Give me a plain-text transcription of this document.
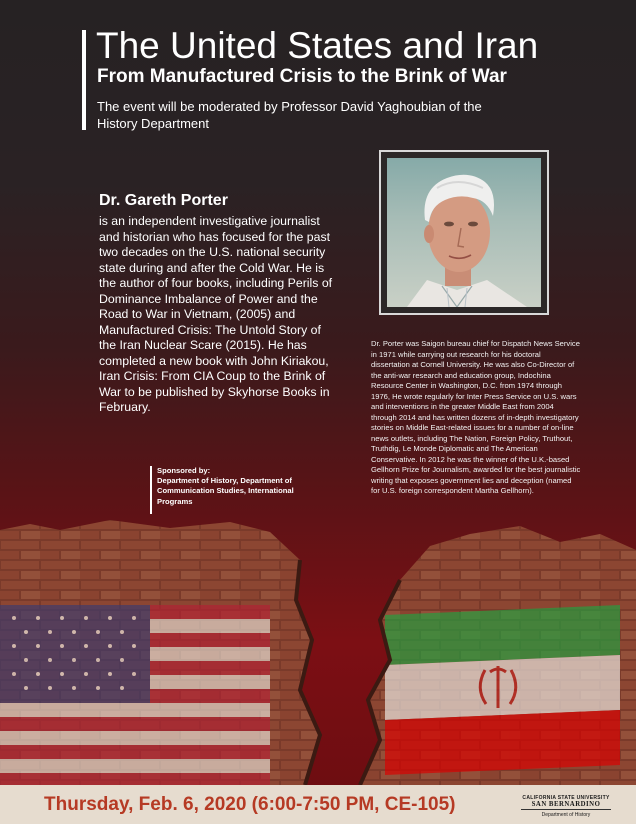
The United States and Iran
From Manufactured Crisis to the Brink of War
The event will be moderated by Professor David Yaghoubian of the History Department
Dr. Gareth Porter
is an independent investigative journalist and historian who has focused for the past two decades on the U.S. national security state during and after the Cold War. He is the author of four books, including Perils of Dominance Imbalance of Power and the Road to War in Vietnam, (2005) and Manufactured Crisis: The Untold Story of the Iran Nuclear Scare (2015). He has completed a new book with John Kiriakou, Iran Crisis: From CIA Coup to the Brink of War to be published by Skyhorse Books in February.
Dr. Porter was Saigon bureau chief for Dispatch News Service in 1971 while carrying out research for his doctoral dissertation at Cornell University. He was also Co-Director of the anti-war research and education group, Indochina Resource Center in Washington, D.C. from 1974 through 1976, He wrote regularly for Inter Press Service on U.S. wars and interventions in the greater Middle East from 2004 through 2014 and has written dozens of in-depth investigatory stories on Middle East-related issues for a number of on-line news outlets, including The Nation, Foreign Policy, Truthout, Truthdig, Le Monde Diplomatic and The American Conservative. In 2012 he was the winner of the U.K.-based Gellhorn Prize for Journalism, awarded for the best journalistic writing that exposes government lies and deception (named for U.S. foreign correspondent Martha Gellhorn).
Sponsored by:
Department of History, Department of Communication Studies, International Programs
Thursday, Feb. 6, 2020 (6:00-7:50 PM, CE-105)	CALIFORNIA STATE UNIVERSITY
SAN BERNARDINO
Department of History
